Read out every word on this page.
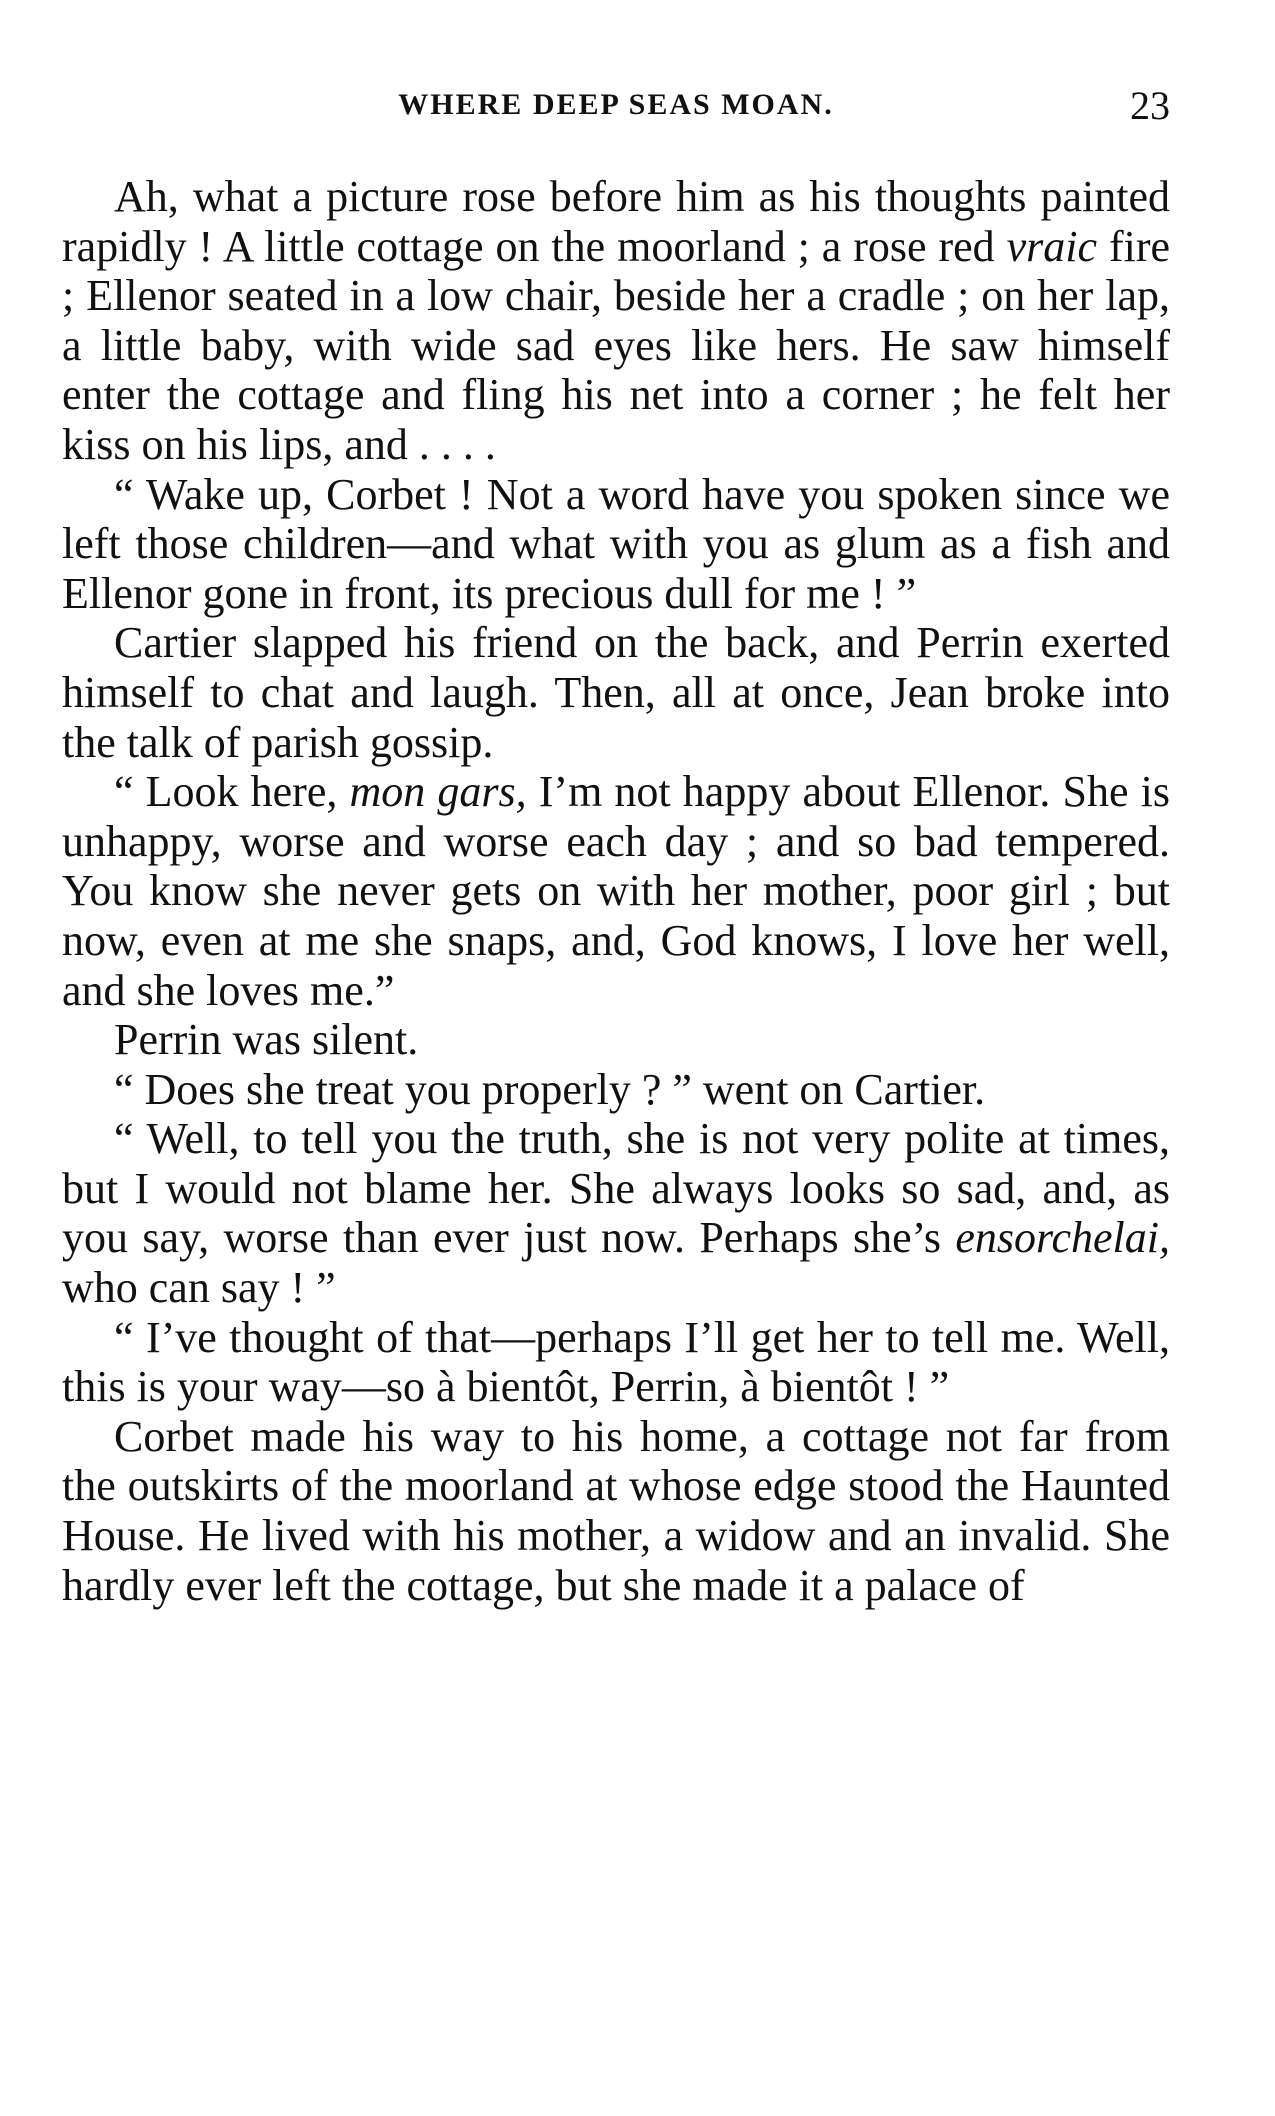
WHERE DEEP SEAS MOAN.	23

Ah, what a picture rose before him as his thoughts painted rapidly ! A little cottage on the moorland ; a rose red vraic fire ; Ellenor seated in a low chair, beside her a cradle ; on her lap, a little baby, with wide sad eyes like hers. He saw himself enter the cottage and fling his net into a corner ; he felt her kiss on his lips, and . . . .

“ Wake up, Corbet ! Not a word have you spoken since we left those children—and what with you as glum as a fish and Ellenor gone in front, its precious dull for me ! ”

Cartier slapped his friend on the back, and Perrin exerted himself to chat and laugh. Then, all at once, Jean broke into the talk of parish gossip.

“ Look here, mon gars, I’m not happy about Ellenor. She is unhappy, worse and worse each day ; and so bad tempered. You know she never gets on with her mother, poor girl ; but now, even at me she snaps, and, God knows, I love her well, and she loves me.”

Perrin was silent.

“ Does she treat you properly ? ” went on Cartier.

“ Well, to tell you the truth, she is not very polite at times, but I would not blame her. She always looks so sad, and, as you say, worse than ever just now. Perhaps she’s ensorchelai, who can say ! ”

“ I’ve thought of that—perhaps I’ll get her to tell me. Well, this is your way—so à bientôt, Perrin, à bientôt ! ”

Corbet made his way to his home, a cottage not far from the outskirts of the moorland at whose edge stood the Haunted House. He lived with his mother, a widow and an invalid. She hardly ever left the cottage, but she made it a palace of
